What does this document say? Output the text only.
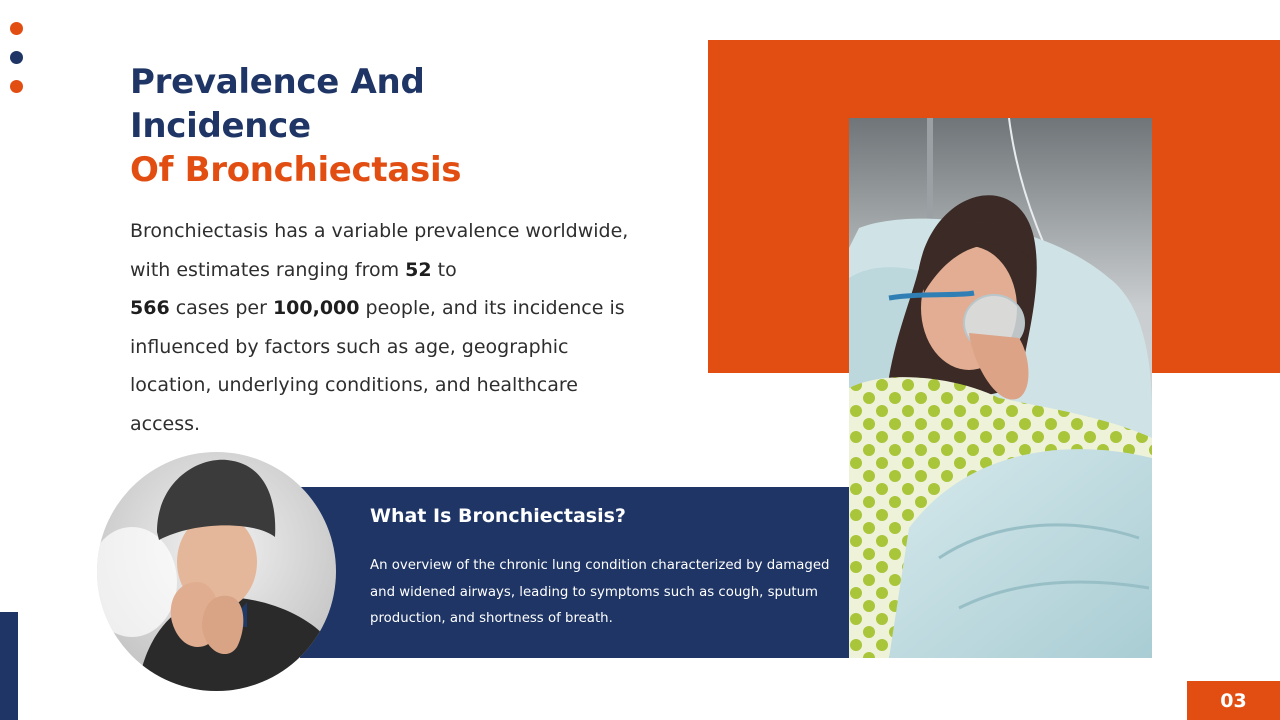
Prevalence And
Incidence
Of Bronchiectasis

Bronchiectasis has a variable prevalence worldwide, with estimates ranging from 52 to
566 cases per 100,000 people, and its incidence is influenced by factors such as age, geographic location, underlying conditions, and healthcare access.

What Is Bronchiectasis?

An overview of the chronic lung condition characterized by damaged and widened airways, leading to symptoms such as cough, sputum production, and shortness of breath.

03
